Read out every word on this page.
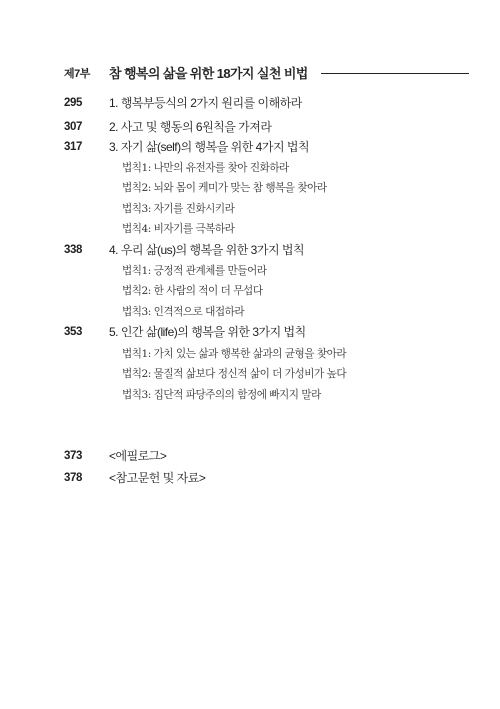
제7부 참 행복의 삶을 위한 18가지 실천 비법
295 1. 행복부등식의 2가지 원리를 이해하라
307 2. 사고 및 행동의 6원칙을 가져라
317 3. 자기 삶(self)의 행복을 위한 4가지 법칙
법칙1: 나만의 유전자를 찾아 진화하라
법칙2: 뇌와 몸이 케미가 맞는 참 행복을 찾아라
법칙3: 자기를 진화시키라
법칙4: 비자기를 극복하라
338 4. 우리 삶(us)의 행복을 위한 3가지 법칙
법칙1: 긍정적 관계체를 만들어라
법칙2: 한 사람의 적이 더 무섭다
법칙3: 인격적으로 대접하라
353 5. 인간 삶(life)의 행복을 위한 3가지 법칙
법칙1: 가치 있는 삶과 행복한 삶과의 균형을 찾아라
법칙2: 물질적 삶보다 정신적 삶이 더 가성비가 높다
법칙3: 집단적 파당주의의 함정에 빠지지 말라
373 <에필로그>
378 <참고문헌 및 자료>
